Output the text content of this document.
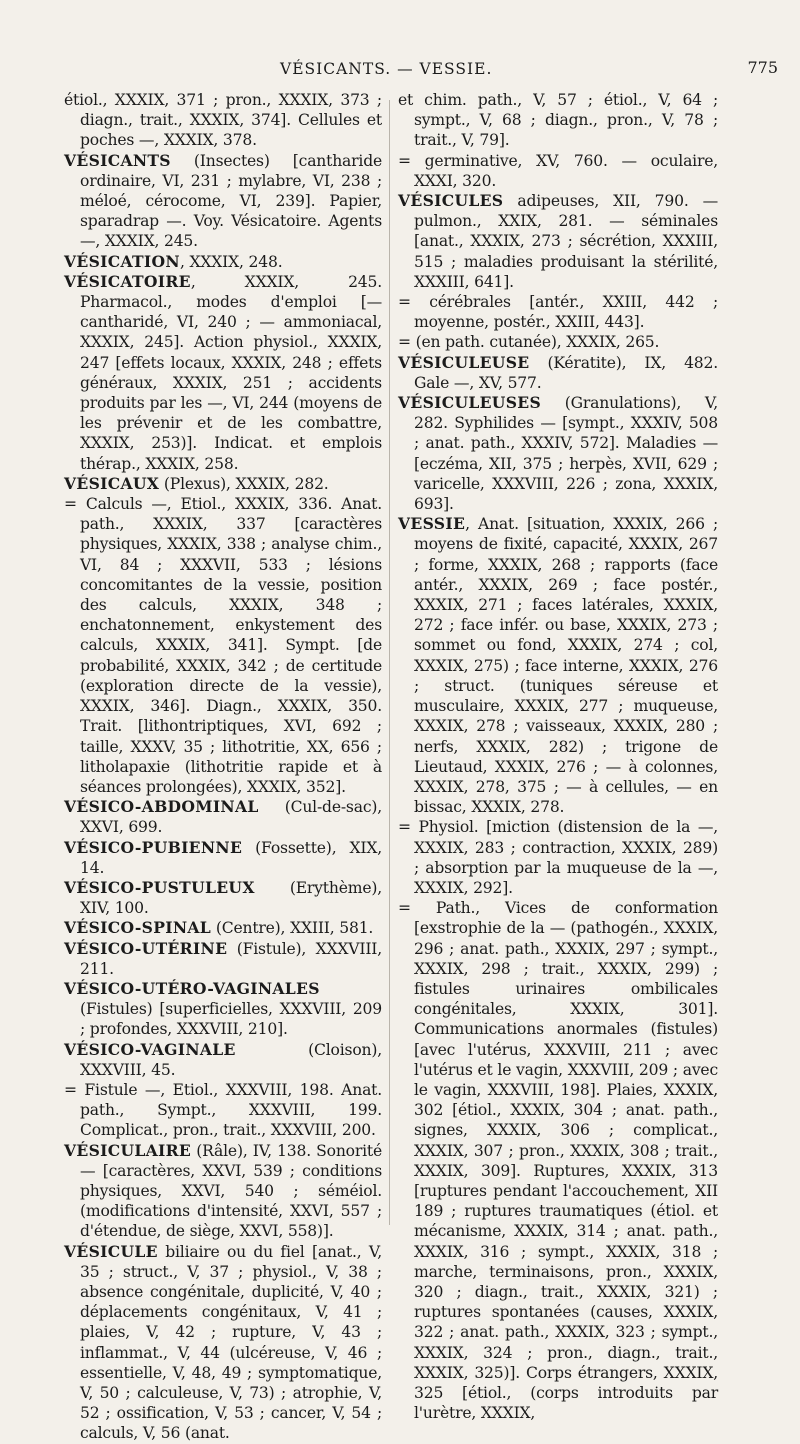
VÉSICANTS. — VESSIE.	775

étiol., XXXIX, 371 ; pron., XXXIX, 373 ; diagn., trait., XXXIX, 374]. Cellules et poches —, XXXIX, 378.

VÉSICANTS (Insectes) [cantharide ordinaire, VI, 231 ; mylabre, VI, 238 ; méloé, cérocome, VI, 239]. Papier, sparadrap —. Voy. Vésicatoire. Agents —, XXXIX, 245.

VÉSICATION, XXXIX, 248.

VÉSICATOIRE, XXXIX, 245. Pharmacol., modes d'emploi [— cantharidé, VI, 240 ; — ammoniacal, XXXIX, 245]. Action physiol., XXXIX, 247 [effets locaux, XXXIX, 248 ; effets généraux, XXXIX, 251 ; accidents produits par les —, VI, 244 (moyens de les prévenir et de les combattre, XXXIX, 253)]. Indicat. et emplois thérap., XXXIX, 258.

VÉSICAUX (Plexus), XXXIX, 282.

= Calculs —, Etiol., XXXIX, 336. Anat. path., XXXIX, 337 [caractères physiques, XXXIX, 338 ; analyse chim., VI, 84 ; XXXVII, 533 ; lésions concomitantes de la vessie, position des calculs, XXXIX, 348 ; enchatonnement, enkystement des calculs, XXXIX, 341]. Sympt. [de probabilité, XXXIX, 342 ; de certitude (exploration directe de la vessie), XXXIX, 346]. Diagn., XXXIX, 350. Trait. [lithontriptiques, XVI, 692 ; taille, XXXV, 35 ; lithotritie, XX, 656 ; litholapaxie (lithotritie rapide et à séances prolongées), XXXIX, 352].

VÉSICO-ABDOMINAL (Cul-de-sac), XXVI, 699.

VÉSICO-PUBIENNE (Fossette), XIX, 14.

VÉSICO-PUSTULEUX (Erythème), XIV, 100.

VÉSICO-SPINAL (Centre), XXIII, 581.

VÉSICO-UTÉRINE (Fistule), XXXVIII, 211.

VÉSICO-UTÉRO-VAGINALES (Fistules) [superficielles, XXXVIII, 209 ; profondes, XXXVIII, 210].

VÉSICO-VAGINALE (Cloison), XXXVIII, 45.

= Fistule —, Etiol., XXXVIII, 198. Anat. path., Sympt., XXXVIII, 199. Complicat., pron., trait., XXXVIII, 200.

VÉSICULAIRE (Râle), IV, 138. Sonorité — [caractères, XXVI, 539 ; conditions physiques, XXVI, 540 ; séméiol. (modifications d'intensité, XXVI, 557 ; d'étendue, de siège, XXVI, 558)].

VÉSICULE biliaire ou du fiel [anat., V, 35 ; struct., V, 37 ; physiol., V, 38 ; absence congénitale, duplicité, V, 40 ; déplacements congénitaux, V, 41 ; plaies, V, 42 ; rupture, V, 43 ; inflammat., V, 44 (ulcéreuse, V, 46 ; essentielle, V, 48, 49 ; symptomatique, V, 50 ; calculeuse, V, 73) ; atrophie, V, 52 ; ossification, V, 53 ; cancer, V, 54 ; calculs, V, 56 (anat.

et chim. path., V, 57 ; étiol., V, 64 ; sympt., V, 68 ; diagn., pron., V, 78 ; trait., V, 79].

= germinative, XV, 760. — oculaire, XXXI, 320.

VÉSICULES adipeuses, XII, 790. — pulmon., XXIX, 281. — séminales [anat., XXXIX, 273 ; sécrétion, XXXIII, 515 ; maladies produisant la stérilité, XXXIII, 641].

= cérébrales [antér., XXIII, 442 ; moyenne, postér., XXIII, 443].

= (en path. cutanée), XXXIX, 265.

VÉSICULEUSE (Kératite), IX, 482. Gale —, XV, 577.

VÉSICULEUSES (Granulations), V, 282. Syphilides — [sympt., XXXIV, 508 ; anat. path., XXXIV, 572]. Maladies — [eczéma, XII, 375 ; herpès, XVII, 629 ; varicelle, XXXVIII, 226 ; zona, XXXIX, 693].

VESSIE, Anat. [situation, XXXIX, 266 ; moyens de fixité, capacité, XXXIX, 267 ; forme, XXXIX, 268 ; rapports (face antér., XXXIX, 269 ; face postér., XXXIX, 271 ; faces latérales, XXXIX, 272 ; face infér. ou base, XXXIX, 273 ; sommet ou fond, XXXIX, 274 ; col, XXXIX, 275) ; face interne, XXXIX, 276 ; struct. (tuniques séreuse et musculaire, XXXIX, 277 ; muqueuse, XXXIX, 278 ; vaisseaux, XXXIX, 280 ; nerfs, XXXIX, 282) ; trigone de Lieutaud, XXXIX, 276 ; — à colonnes, XXXIX, 278, 375 ; — à cellules, — en bissac, XXXIX, 278.

= Physiol. [miction (distension de la —, XXXIX, 283 ; contraction, XXXIX, 289) ; absorption par la muqueuse de la —, XXXIX, 292].

= Path., Vices de conformation [exstrophie de la — (pathogén., XXXIX, 296 ; anat. path., XXXIX, 297 ; sympt., XXXIX, 298 ; trait., XXXIX, 299) ; fistules urinaires ombilicales congénitales, XXXIX, 301]. Communications anormales (fistules) [avec l'utérus, XXXVIII, 211 ; avec l'utérus et le vagin, XXXVIII, 209 ; avec le vagin, XXXVIII, 198]. Plaies, XXXIX, 302 [étiol., XXXIX, 304 ; anat. path., signes, XXXIX, 306 ; complicat., XXXIX, 307 ; pron., XXXIX, 308 ; trait., XXXIX, 309]. Ruptures, XXXIX, 313 [ruptures pendant l'accouchement, XII 189 ; ruptures traumatiques (étiol. et mécanisme, XXXIX, 314 ; anat. path., XXXIX, 316 ; sympt., XXXIX, 318 ; marche, terminaisons, pron., XXXIX, 320 ; diagn., trait., XXXIX, 321) ; ruptures spontanées (causes, XXXIX, 322 ; anat. path., XXXIX, 323 ; sympt., XXXIX, 324 ; pron., diagn., trait., XXXIX, 325)]. Corps étrangers, XXXIX, 325 [étiol., (corps introduits par l'urètre, XXXIX,
